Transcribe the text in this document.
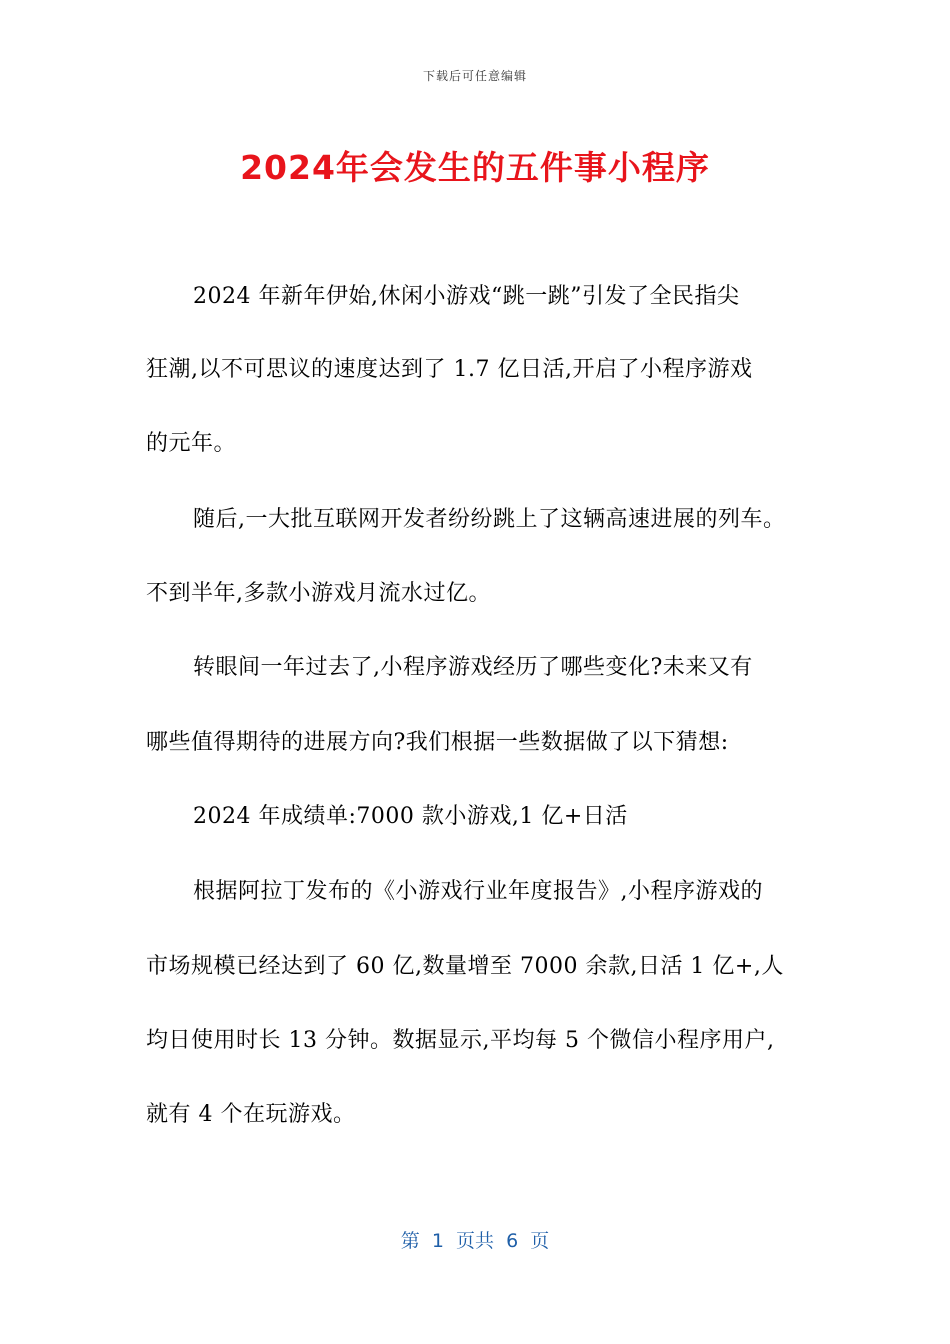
下载后可任意编辑
2024年会发生的五件事小程序
2024 年新年伊始,休闲小游戏“跳一跳”引发了全民指尖
狂潮,以不可思议的速度达到了 1.7 亿日活,开启了小程序游戏
的元年。
随后,一大批互联网开发者纷纷跳上了这辆高速进展的列车。
不到半年,多款小游戏月流水过亿。
转眼间一年过去了,小程序游戏经历了哪些变化?未来又有
哪些值得期待的进展方向?我们根据一些数据做了以下猜想:
2024 年成绩单:7000 款小游戏,1 亿+日活
根据阿拉丁发布的《小游戏行业年度报告》,小程序游戏的
市场规模已经达到了 60 亿,数量增至 7000 余款,日活 1 亿+,人
均日使用时长 13 分钟。数据显示,平均每 5 个微信小程序用户,
就有 4 个在玩游戏。
第  1  页共  6  页
